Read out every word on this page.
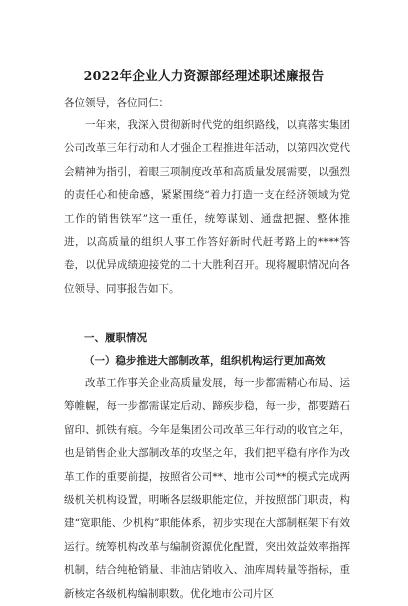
2022年企业人力资源部经理述职述廉报告
各位领导，各位同仁：

一年来，我深入贯彻新时代党的组织路线，以真落实集团公司改革三年行动和人才强企工程推进年活动，以第四次党代会精神为指引，着眼三项制度改革和高质量发展需要，以强烈的责任心和使命感，紧紧围绕“着力打造一支在经济领域为党工作的销售铁军”这一重任，统筹谋划、通盘把握、整体推进，以高质量的组织人事工作答好新时代赶考路上的****答卷，以优异成绩迎接党的二十大胜利召开。现将履职情况向各位领导、同事报告如下。

一、履职情况
（一）稳步推进大部制改革，组织机构运行更加高效

改革工作事关企业高质量发展，每一步都需精心布局、运筹帷幄，每一步都需谋定后动、蹄疾步稳，每一步，都要踏石留印、抓铁有痕。今年是集团公司改革三年行动的收官之年，也是销售企业大部制改革的攻坚之年，我们把平稳有序作为改革工作的重要前提，按照省公司**、地市公司**的模式完成两级机关机构设置，明晰各层级职能定位，并按照部门职责，构建“宽职能、少机构”职能体系，初步实现在大部制框架下有效运行。统筹机构改革与编制资源优化配置，突出效益效率指挥机制，结合纯枪销量、非油店销收入、油库周转量等指标，重新核定各级机构编制职数。优化地市公司片区
